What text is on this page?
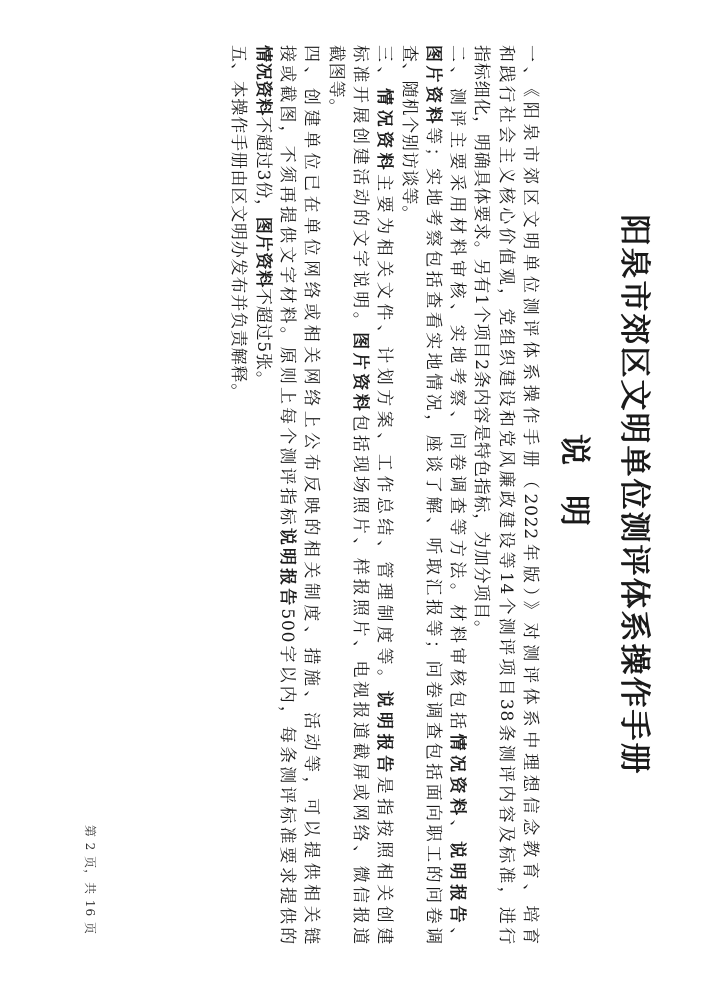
阳泉市郊区文明单位测评体系操作手册
说明
一、《阳泉市郊区文明单位测评体系操作手册（2022年版）》对测评体系中理想信念教育、培育
和践行社会主义核心价值观，党组织建设和党风廉政建设等14个测评项目38条测评内容及标准，进行
指标细化，明确具体要求。另有1个项目2条内容是特色指标，为加分项目。
二、测评主要采用材料审核、实地考察、问卷调查等方法。材料审核包括情况资料、说明报告、
图片资料等；实地考察包括查看实地情况，座谈了解、听取汇报等；问卷调查包括面向职工的问卷调
查、随机个别访谈等。
三、情况资料主要为相关文件、计划方案、工作总结、管理制度等。说明报告是指按照相关创建
标准开展创建活动的文字说明。图片资料包括现场照片、样报照片、电视报道截屏或网络、微信报道
截图等。
四、创建单位已在单位网络或相关网络上公布反映的相关制度、措施、活动等，可以提供相关链
接或截图，不须再提供文字材料。原则上每个测评指标说明报告500字以内，每条测评标准要求提供的
情况资料不超过3份，图片资料不超过5张。
五、本操作手册由区文明办发布并负责解释。
第 2 页，共 16 页
